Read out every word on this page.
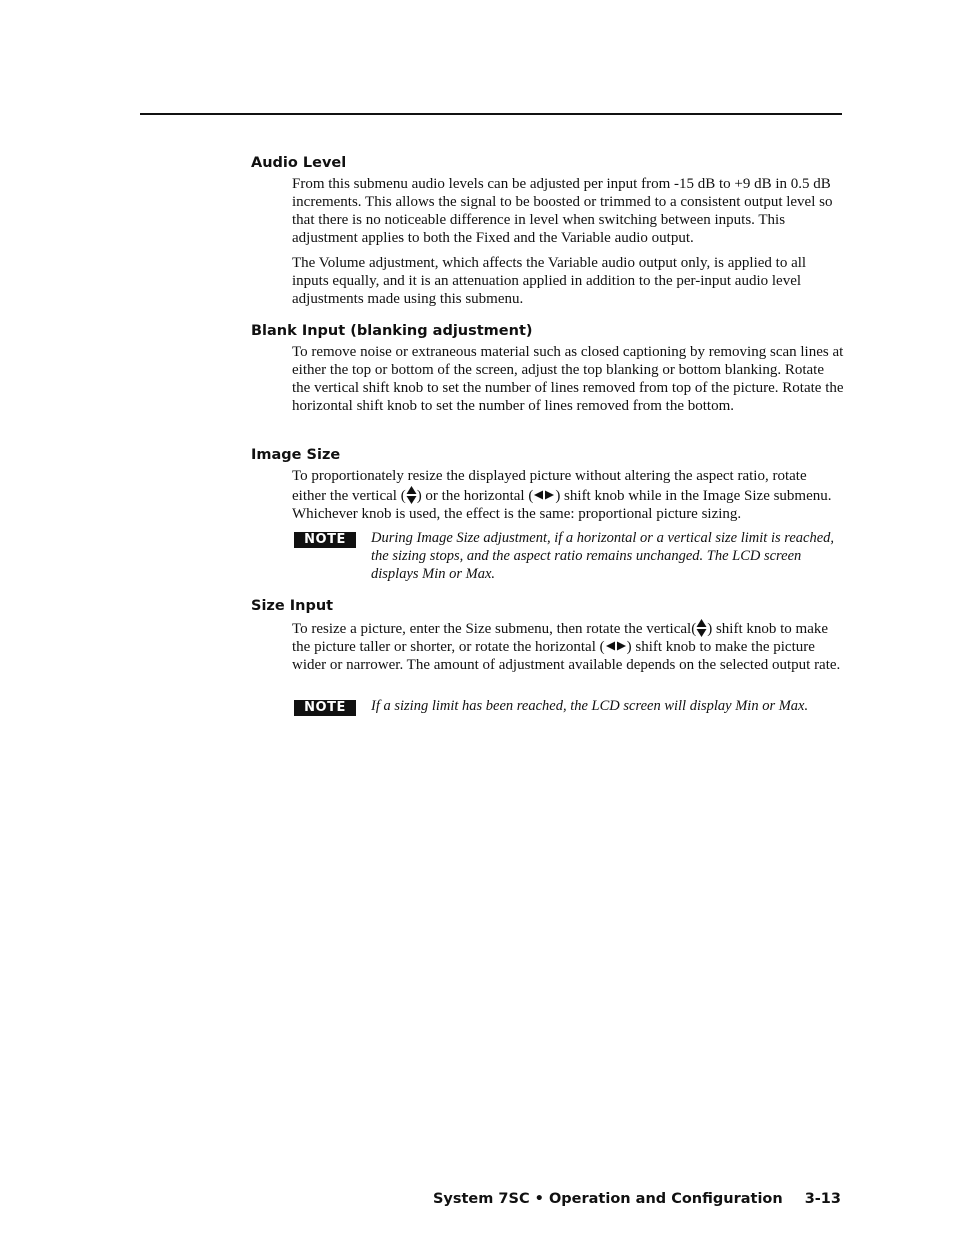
Audio Level

From this submenu audio levels can be adjusted per input from -15 dB to +9 dB in 0.5 dB increments. This allows the signal to be boosted or trimmed to a consistent output level so that there is no noticeable difference in level when switching between inputs. This adjustment applies to both the Fixed and the Variable audio output.

The Volume adjustment, which affects the Variable audio output only, is applied to all inputs equally, and it is an attenuation applied in addition to the per-input audio level adjustments made using this submenu.

Blank Input (blanking adjustment)

To remove noise or extraneous material such as closed captioning by removing scan lines at either the top or bottom of the screen, adjust the top blanking or bottom blanking. Rotate the vertical shift knob to set the number of lines removed from top of the picture. Rotate the horizontal shift knob to set the number of lines removed from the bottom.

Image Size

To proportionately resize the displayed picture without altering the aspect ratio, rotate either the vertical ( ) or the horizontal ( ) shift knob while in the Image Size submenu. Whichever knob is used, the effect is the same: proportional picture sizing.

NOTE	During Image Size adjustment, if a horizontal or a vertical size limit is reached, the sizing stops, and the aspect ratio remains unchanged. The LCD screen displays Min or Max.

Size Input

To resize a picture, enter the Size submenu, then rotate the vertical( ) shift knob to make the picture taller or shorter, or rotate the horizontal ( ) shift knob to make the picture wider or narrower. The amount of adjustment available depends on the selected output rate.

NOTE	If a sizing limit has been reached, the LCD screen will display Min or Max.

System 7SC • Operation and Configuration 3-13
